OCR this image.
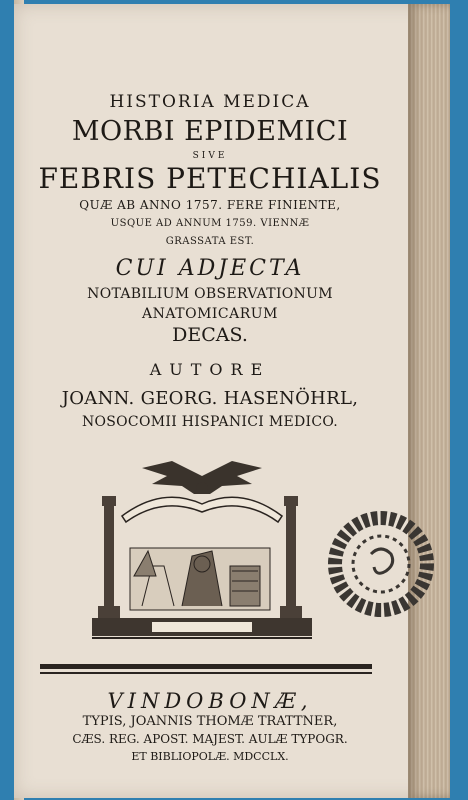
HISTORIA MEDICA
MORBI EPIDEMICI
SIVE
FEBRIS PETECHIALIS
QUÆ AB ANNO 1757. FERE FINIENTE,
USQUE AD ANNUM 1759. VIENNÆ
GRASSATA EST.
CUI ADJECTA
NOTABILIUM OBSERVATIONUM
ANATOMICARUM
DECAS.
AUTORE
JOANN. GEORG. HASENÖHRL,
NOSOCOMII HISPANICI MEDICO.
VINDOBONÆ,
TYPIS, JOANNIS THOMÆ TRATTNER,
CÆS. REG. APOST. MAJEST. AULÆ TYPOGR.
ET BIBLIOPOLÆ. MDCCLX.
